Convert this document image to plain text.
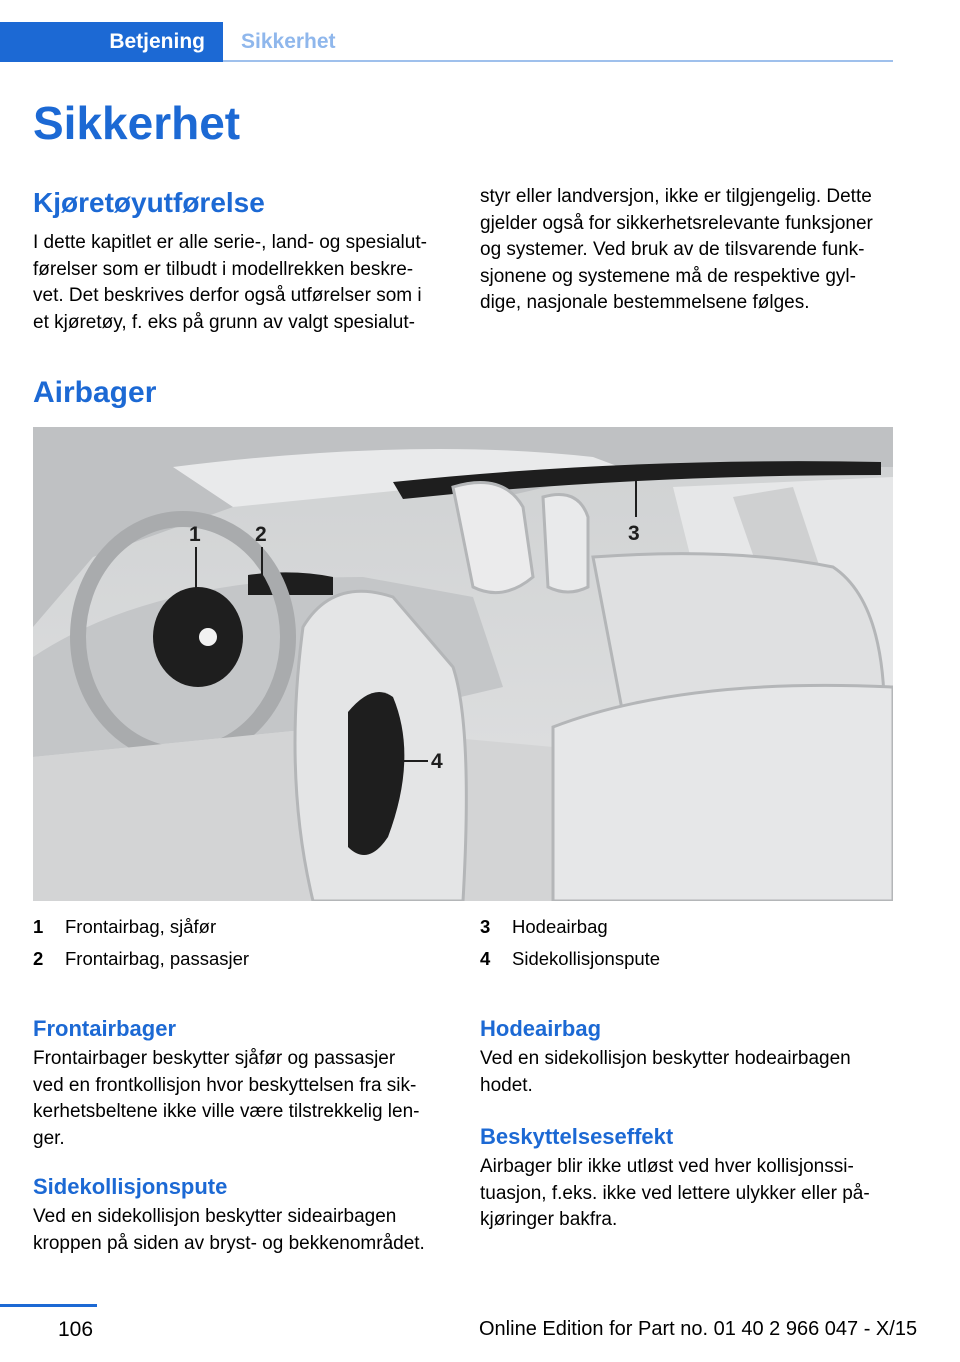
Betjening Sikkerhet
Sikkerhet
Kjøretøyutførelse
I dette kapitlet er alle serie-, land- og spesialut‐
førelser som er tilbudt i modellrekken beskre‐
vet. Det beskrives derfor også utførelser som i
et kjøretøy, f. eks på grunn av valgt spesialut‐
styr eller landversjon, ikke er tilgjengelig. Dette
gjelder også for sikkerhetsrelevante funksjoner
og systemer. Ved bruk av de tilsvarende funk‐
sjonene og systemene må de respektive gyl‐
dige, nasjonale bestemmelsene følges.
Airbager
1	2	3
4
1	Frontairbag, sjåfør
2	Frontairbag, passasjer
3	Hodeairbag
4	Sidekollisjonspute
Frontairbager
Frontairbager beskytter sjåfør og passasjer
ved en frontkollisjon hvor beskyttelsen fra sik‐
kerhetsbeltene ikke ville være tilstrekkelig len‐
ger.
Sidekollisjonspute
Ved en sidekollisjon beskytter sideairbagen
kroppen på siden av bryst- og bekkenområdet.
Hodeairbag
Ved en sidekollisjon beskytter hodeairbagen
hodet.
Beskyttelseseffekt
Airbager blir ikke utløst ved hver kollisjonssi‐
tuasjon, f.eks. ikke ved lettere ulykker eller på‐
kjøringer bakfra.
106	Online Edition for Part no. 01 40 2 966 047 - X/15
